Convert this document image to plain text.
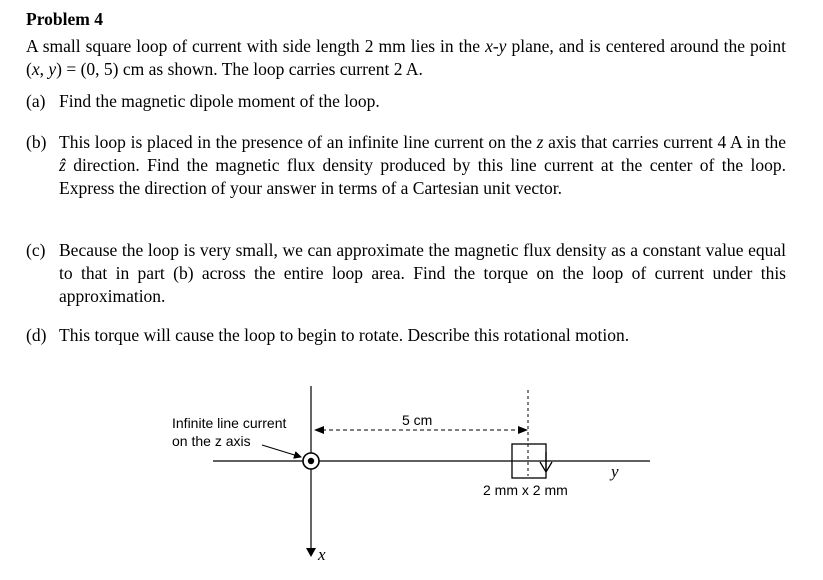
Problem 4
A small square loop of current with side length 2 mm lies in the x-y plane, and is centered around the point (x, y) = (0, 5) cm as shown. The loop carries current 2 A.
(a) Find the magnetic dipole moment of the loop.
(b) This loop is placed in the presence of an infinite line current on the z axis that carries current 4 A in the ẑ direction. Find the magnetic flux density produced by this line current at the center of the loop. Express the direction of your answer in terms of a Cartesian unit vector.
(c) Because the loop is very small, we can approximate the magnetic flux density as a constant value equal to that in part (b) across the entire loop area. Find the torque on the loop of current under this approximation.
(d) This torque will cause the loop to begin to rotate. Describe this rotational motion.
Infinite line current
on the z axis
5 cm
2 mm x 2 mm
y
x
